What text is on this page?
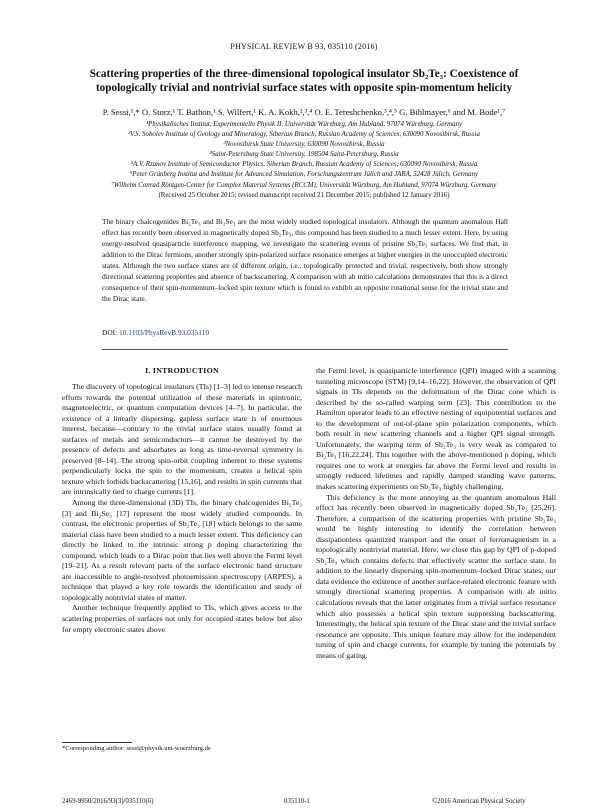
PHYSICAL REVIEW B 93, 035110 (2016)
Scattering properties of the three-dimensional topological insulator Sb₂Te₃: Coexistence of topologically trivial and nontrivial surface states with opposite spin-momentum helicity
P. Sessi,¹,* O. Storz,¹ T. Bathon,¹ S. Wilfert,¹ K. A. Kokh,²,³,⁴ O. E. Tereshchenko,³,⁴,⁵ G. Bihlmayer,⁶ and M. Bode¹,⁷
¹Physikalisches Institut, Experimentelle Physik II, Universität Würzburg, Am Hubland, 97074 Würzburg, Germany
²V.S. Sobolev Institute of Geology and Mineralogy, Siberian Branch, Russian Academy of Sciences, 630090 Novosibirsk, Russia
³Novosibirsk State University, 630090 Novosibirsk, Russia
⁴Saint-Petersburg State University, 198504 Saint-Petersburg, Russia
⁵A.V. Rzanov Institute of Semiconductor Physics, Siberian Branch, Russian Academy of Sciences, 630090 Novosibirsk, Russia
⁶Peter Grünberg Institut and Institute for Advanced Simulation, Forschungszentrum Jülich and JARA, 52428 Jülich, Germany
⁷Wilhelm Conrad Röntgen-Center for Complex Material Systems (RCCM), Universität Würzburg, Am Hubland, 97074 Würzburg, Germany
(Received 25 October 2015; revised manuscript received 21 December 2015; published 12 January 2016)

The binary chalcogenides Bi₂Te₃ and Bi₂Se₃ are the most widely studied topological insulators. Although the quantum anomalous Hall effect has recently been observed in magnetically doped Sb₂Te₃, this compound has been studied to a much lesser extent. Here, by using energy-resolved quasiparticle interference mapping, we investigate the scattering events of pristine Sb₂Te₃ surfaces. We find that, in addition to the Dirac fermions, another strongly spin-polarized surface resonance emerges at higher energies in the unoccupied electronic states. Although the two surface states are of different origin, i.e., topologically protected and trivial, respectively, both show strongly directional scattering properties and absence of backscattering. A comparison with ab initio calculations demonstrates that this is a direct consequence of their spin-momentum–locked spin texture which is found to exhibit an opposite rotational sense for the trivial state and the Dirac state.

DOI: 10.1103/PhysRevB.93.035110
I. INTRODUCTION

The discovery of topological insulators (TIs) [1–3] led to intense research efforts towards the potential utilization of these materials in spintronic, magnetoelectric, or quantum computation devices [4–7]. In particular, the existence of a linearly dispersing, gapless surface state is of enormous interest, because—contrary to the trivial surface states usually found at surfaces of metals and semiconductors—it cannot be destroyed by the presence of defects and adsorbates as long as time-reversal symmetry is preserved [8–14]. The strong spin-orbit coupling inherent to these systems perpendicularly locks the spin to the momentum, creates a helical spin texture which forbids backscattering [15,16], and results in spin currents that are intrinsically tied to charge currents [1].

Among the three-dimensional (3D) TIs, the binary chalcogenides Bi₂Te₃ [3] and Bi₂Se₃ [17] represent the most widely studied compounds. In contrast, the electronic properties of Sb₂Te₃ [18] which belongs to the same material class have been studied to a much lesser extent. This deficiency can directly be linked to the intrinsic strong p doping characterizing the compound, which leads to a Dirac point that lies well above the Fermi level [19–21]. As a result relevant parts of the surface electronic band structure are inaccessible to angle-resolved photoemission spectroscopy (ARPES), a technique that played a key role towards the identification and study of topologically nontrivial states of matter.

Another technique frequently applied to TIs, which gives access to the scattering properties of surfaces not only for occupied states below but also for empty electronic states above

the Fermi level, is quasiparticle interference (QPI) imaged with a scanning tunneling microscope (STM) [9,14–16,22]. However, the observation of QPI signals in TIs depends on the deformation of the Dirac cone which is described by the so-called warping term [23]. This contribution to the Hamilton operator leads to an effective nesting of equipotential surfaces and to the development of out-of-plane spin polarization components, which both result in new scattering channels and a higher QPI signal strength. Unfortunately, the warping term of Sb₂Te₃ is very weak as compared to Bi₂Te₃ [16,22,24]. This together with the above-mentioned p doping, which requires one to work at energies far above the Fermi level and results in strongly reduced lifetimes and rapidly damped standing wave patterns, makes scattering experiments on Sb₂Te₃ highly challenging.

This deficiency is the more annoying as the quantum anomalous Hall effect has recently been observed in magnetically doped Sb₂Te₃ [25,26]. Therefore, a comparison of the scattering properties with pristine Sb₂Te₃ would be highly interesting to identify the correlation between dissipationless quantized transport and the onset of ferromagnetism in a topologically nontrivial material. Here, we close this gap by QPI of p-doped Sb₂Te₃ which contains defects that effectively scatter the surface state. In addition to the linearly dispersing spin-momentum–locked Dirac states, our data evidence the existence of another surface-related electronic feature with strongly directional scattering properties. A comparison with ab initio calculations reveals that the latter originates from a trivial surface resonance which also possesses a helical spin texture suppressing backscattering. Interestingly, the helical spin texture of the Dirac state and the trivial surface resonance are opposite. This unique feature may allow for the independent tuning of spin and charge currents, for example by tuning the potentials by means of gating.

*Corresponding author: sessi@physik.uni-wuerzburg.de
2469-9950/2016/93(3)/035110(6)	035110-1	©2016 American Physical Society
